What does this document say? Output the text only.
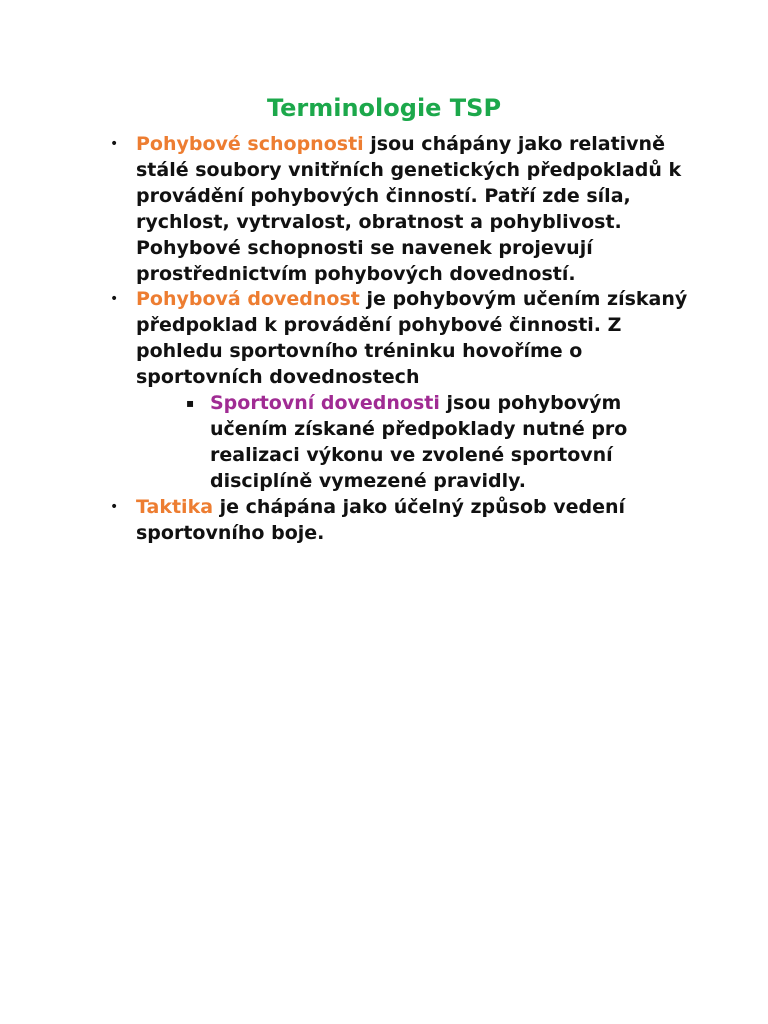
Terminologie TSP
• Pohybové schopnosti jsou chápány jako relativně stálé soubory vnitřních genetických předpokladů k provádění pohybových činností. Patří zde síla, rychlost, vytrvalost, obratnost a pohyblivost. Pohybové schopnosti se navenek projevují prostřednictvím pohybových dovedností.
• Pohybová dovednost je pohybovým učením získaný předpoklad k provádění pohybové činnosti. Z pohledu sportovního tréninku hovoříme o sportovních dovednostech
▪ Sportovní dovednosti jsou pohybovým učením získané předpoklady nutné pro realizaci výkonu ve zvolené sportovní disciplíně vymezené pravidly.
• Taktika je chápána jako účelný způsob vedení sportovního boje.
